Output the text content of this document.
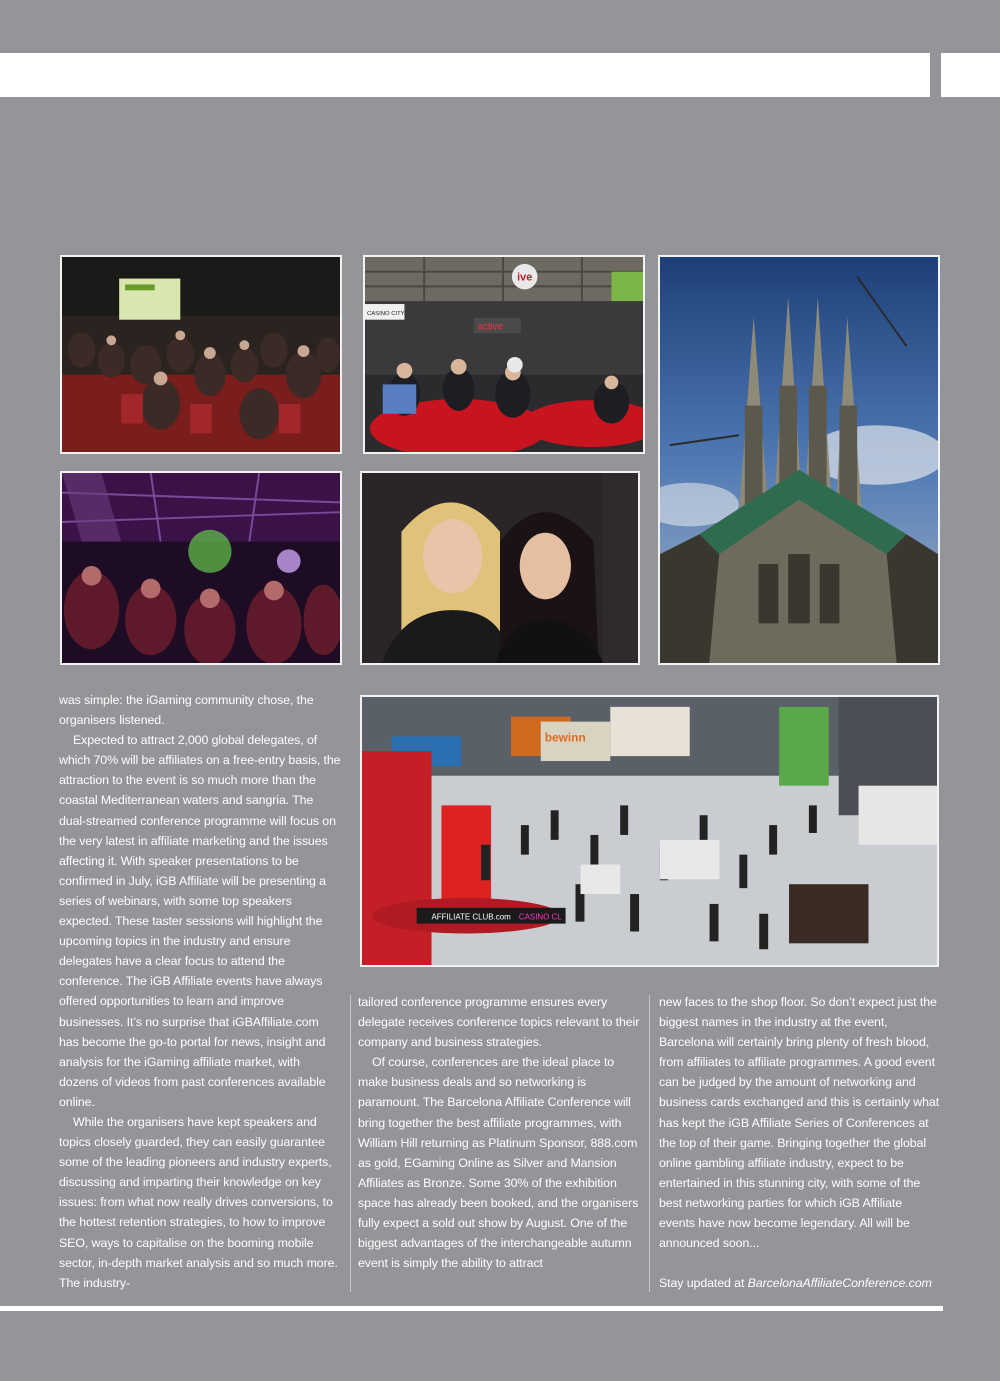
ive
CASINO CITY
active
bewinn
AFFILIATE CLUB.com CASINO CL

was simple: the iGaming community chose, the organisers listened.

Expected to attract 2,000 global delegates, of which 70% will be affiliates on a free-entry basis, the attraction to the event is so much more than the coastal Mediterranean waters and sangria. The dual-streamed conference programme will focus on the very latest in affiliate marketing and the issues affecting it. With speaker presentations to be confirmed in July, iGB Affiliate will be presenting a series of webinars, with some top speakers expected. These taster sessions will highlight the upcoming topics in the industry and ensure delegates have a clear focus to attend the conference. The iGB Affiliate events have always offered opportunities to learn and improve businesses. It’s no surprise that iGBAffiliate.com has become the go-to portal for news, insight and analysis for the iGaming affiliate market, with dozens of videos from past conferences available online.

While the organisers have kept speakers and topics closely guarded, they can easily guarantee some of the leading pioneers and industry experts, discussing and imparting their knowledge on key issues: from what now really drives conversions, to the hottest retention strategies, to how to improve SEO, ways to capitalise on the booming mobile sector, in-depth market analysis and so much more. The industry-

tailored conference programme ensures every delegate receives conference topics relevant to their company and business strategies.

Of course, conferences are the ideal place to make business deals and so networking is paramount. The Barcelona Affiliate Conference will bring together the best affiliate programmes, with William Hill returning as Platinum Sponsor, 888.com as gold, EGaming Online as Silver and Mansion Affiliates as Bronze. Some 30% of the exhibition space has already been booked, and the organisers fully expect a sold out show by August. One of the biggest advantages of the interchangeable autumn event is simply the ability to attract

new faces to the shop floor. So don’t expect just the biggest names in the industry at the event, Barcelona will certainly bring plenty of fresh blood, from affiliates to affiliate programmes. A good event can be judged by the amount of networking and business cards exchanged and this is certainly what has kept the iGB Affiliate Series of Conferences at the top of their game. Bringing together the global online gambling affiliate industry, expect to be entertained in this stunning city, with some of the best networking parties for which iGB Affiliate events have now become legendary. All will be announced soon...

Stay updated at BarcelonaAffiliateConference.com
